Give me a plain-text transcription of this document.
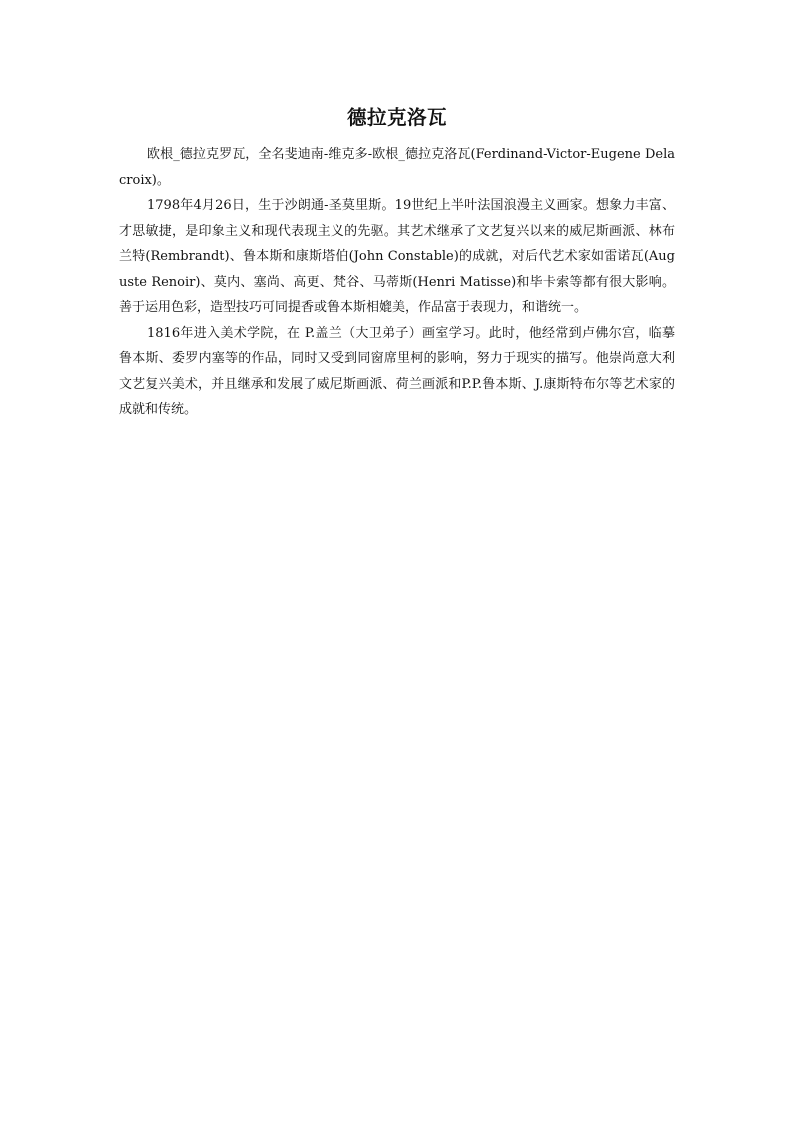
德拉克洛瓦

欧根_德拉克罗瓦，全名斐迪南-维克多-欧根_德拉克洛瓦(Ferdinand-Victor-Eugene Delacroix)。

1798年4月26日，生于沙朗通-圣莫里斯。19世纪上半叶法国浪漫主义画家。想象力丰富、才思敏捷，是印象主义和现代表现主义的先驱。其艺术继承了文艺复兴以来的威尼斯画派、林布兰特(Rembrandt)、鲁本斯和康斯塔伯(John Constable)的成就，对后代艺术家如雷诺瓦(Auguste Renoir)、莫内、塞尚、高更、梵谷、马蒂斯(Henri Matisse)和毕卡索等都有很大影响。善于运用色彩，造型技巧可同提香或鲁本斯相媲美，作品富于表现力，和谐统一。

1816年进入美术学院，在 P.盖兰（大卫弟子）画室学习。此时，他经常到卢佛尔宫，临摹鲁本斯、委罗内塞等的作品，同时又受到同窗席里柯的影响，努力于现实的描写。他崇尚意大利文艺复兴美术，并且继承和发展了威尼斯画派、荷兰画派和P.P.鲁本斯、J.康斯特布尔等艺术家的成就和传统。
